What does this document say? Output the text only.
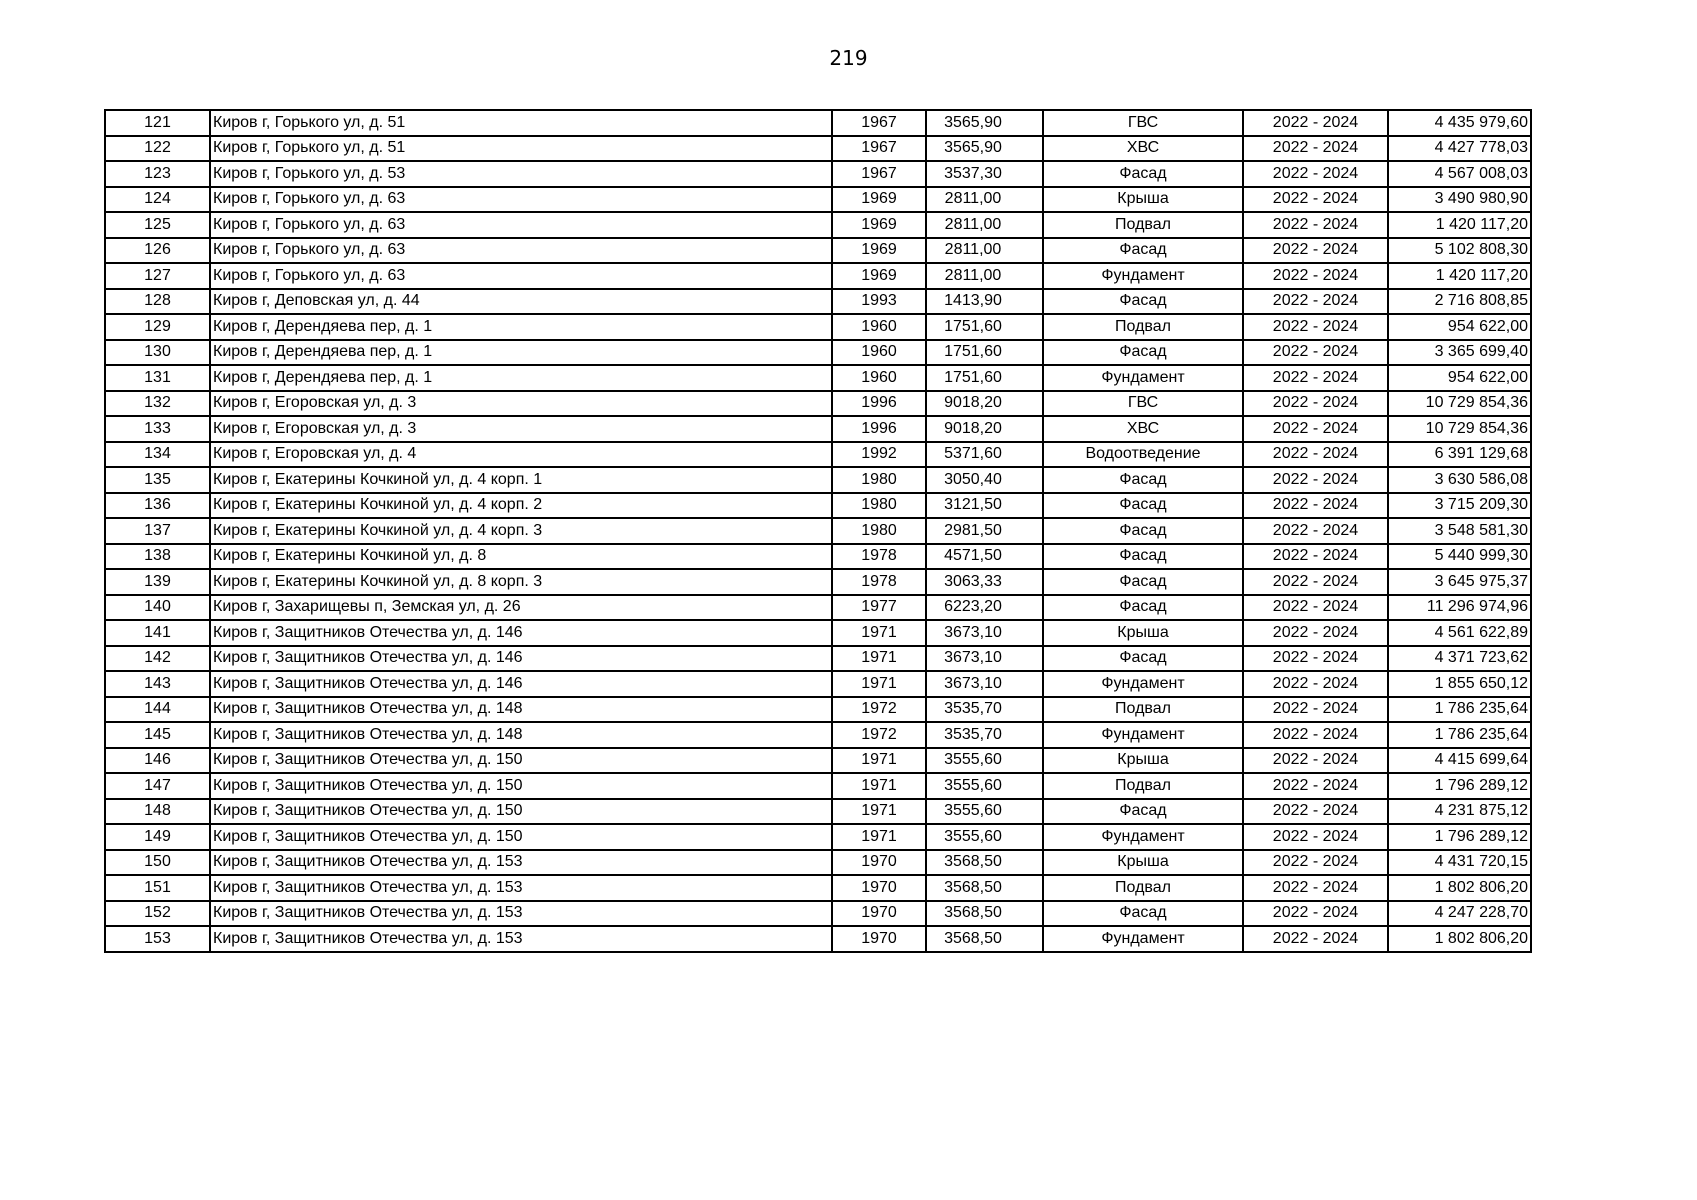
219
121	Киров г, Горького ул, д. 51	1967	3565,90	ГВС	2022 - 2024	4 435 979,60
122	Киров г, Горького ул, д. 51	1967	3565,90	ХВС	2022 - 2024	4 427 778,03
123	Киров г, Горького ул, д. 53	1967	3537,30	Фасад	2022 - 2024	4 567 008,03
124	Киров г, Горького ул, д. 63	1969	2811,00	Крыша	2022 - 2024	3 490 980,90
125	Киров г, Горького ул, д. 63	1969	2811,00	Подвал	2022 - 2024	1 420 117,20
126	Киров г, Горького ул, д. 63	1969	2811,00	Фасад	2022 - 2024	5 102 808,30
127	Киров г, Горького ул, д. 63	1969	2811,00	Фундамент	2022 - 2024	1 420 117,20
128	Киров г, Деповская ул, д. 44	1993	1413,90	Фасад	2022 - 2024	2 716 808,85
129	Киров г, Дерендяева пер, д. 1	1960	1751,60	Подвал	2022 - 2024	954 622,00
130	Киров г, Дерендяева пер, д. 1	1960	1751,60	Фасад	2022 - 2024	3 365 699,40
131	Киров г, Дерендяева пер, д. 1	1960	1751,60	Фундамент	2022 - 2024	954 622,00
132	Киров г, Егоровская ул, д. 3	1996	9018,20	ГВС	2022 - 2024	10 729 854,36
133	Киров г, Егоровская ул, д. 3	1996	9018,20	ХВС	2022 - 2024	10 729 854,36
134	Киров г, Егоровская ул, д. 4	1992	5371,60	Водоотведение	2022 - 2024	6 391 129,68
135	Киров г, Екатерины Кочкиной ул, д. 4 корп. 1	1980	3050,40	Фасад	2022 - 2024	3 630 586,08
136	Киров г, Екатерины Кочкиной ул, д. 4 корп. 2	1980	3121,50	Фасад	2022 - 2024	3 715 209,30
137	Киров г, Екатерины Кочкиной ул, д. 4 корп. 3	1980	2981,50	Фасад	2022 - 2024	3 548 581,30
138	Киров г, Екатерины Кочкиной ул, д. 8	1978	4571,50	Фасад	2022 - 2024	5 440 999,30
139	Киров г, Екатерины Кочкиной ул, д. 8 корп. 3	1978	3063,33	Фасад	2022 - 2024	3 645 975,37
140	Киров г, Захарищевы п, Земская ул, д. 26	1977	6223,20	Фасад	2022 - 2024	11 296 974,96
141	Киров г, Защитников Отечества ул, д. 146	1971	3673,10	Крыша	2022 - 2024	4 561 622,89
142	Киров г, Защитников Отечества ул, д. 146	1971	3673,10	Фасад	2022 - 2024	4 371 723,62
143	Киров г, Защитников Отечества ул, д. 146	1971	3673,10	Фундамент	2022 - 2024	1 855 650,12
144	Киров г, Защитников Отечества ул, д. 148	1972	3535,70	Подвал	2022 - 2024	1 786 235,64
145	Киров г, Защитников Отечества ул, д. 148	1972	3535,70	Фундамент	2022 - 2024	1 786 235,64
146	Киров г, Защитников Отечества ул, д. 150	1971	3555,60	Крыша	2022 - 2024	4 415 699,64
147	Киров г, Защитников Отечества ул, д. 150	1971	3555,60	Подвал	2022 - 2024	1 796 289,12
148	Киров г, Защитников Отечества ул, д. 150	1971	3555,60	Фасад	2022 - 2024	4 231 875,12
149	Киров г, Защитников Отечества ул, д. 150	1971	3555,60	Фундамент	2022 - 2024	1 796 289,12
150	Киров г, Защитников Отечества ул, д. 153	1970	3568,50	Крыша	2022 - 2024	4 431 720,15
151	Киров г, Защитников Отечества ул, д. 153	1970	3568,50	Подвал	2022 - 2024	1 802 806,20
152	Киров г, Защитников Отечества ул, д. 153	1970	3568,50	Фасад	2022 - 2024	4 247 228,70
153	Киров г, Защитников Отечества ул, д. 153	1970	3568,50	Фундамент	2022 - 2024	1 802 806,20
